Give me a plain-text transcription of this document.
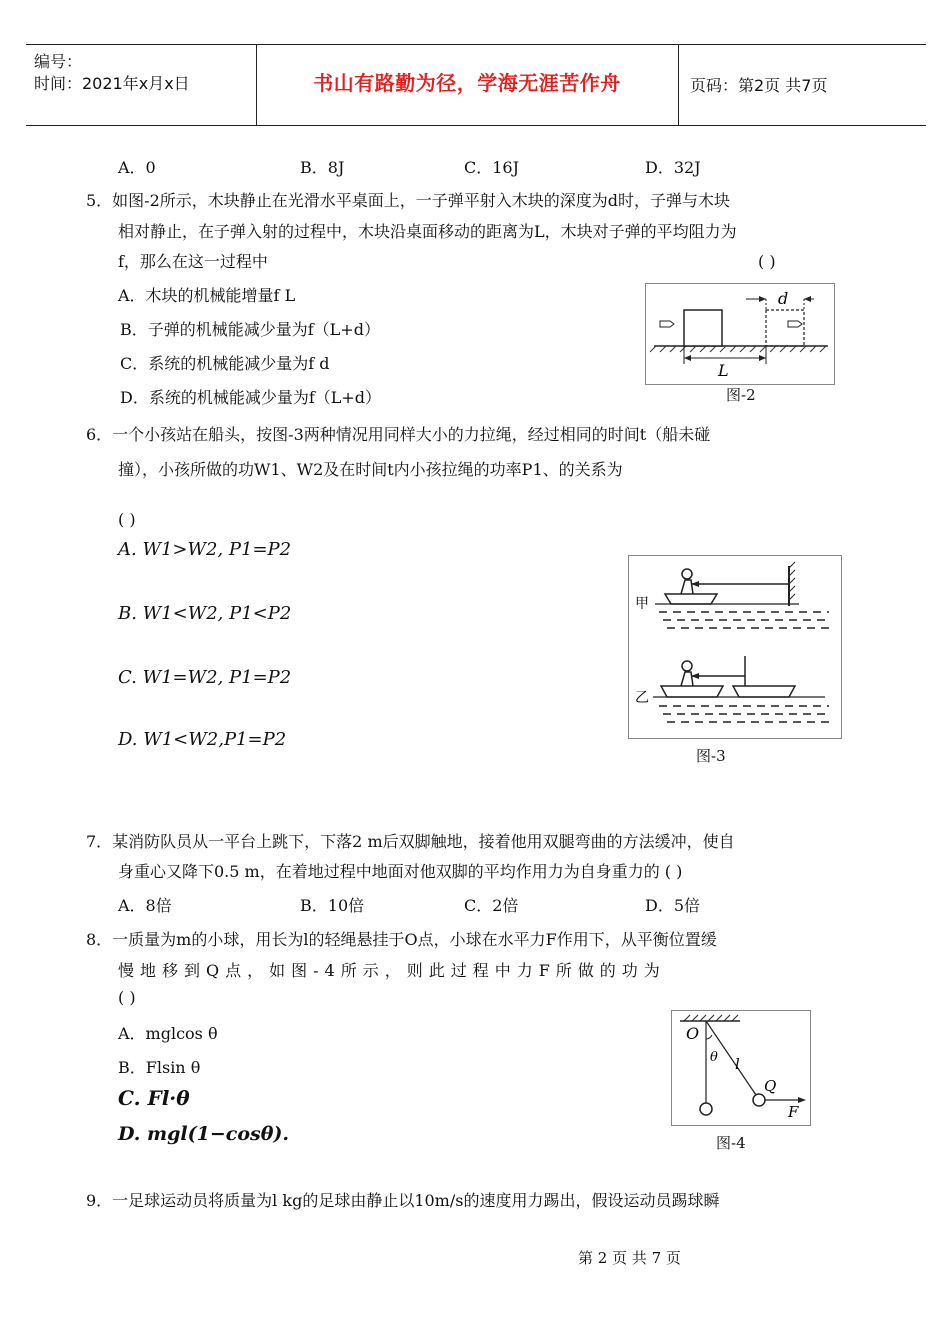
编号：
时间：2021年x月x日	书山有路勤为径，学海无涯苦作舟	页码：第2页 共7页
A．0	B．8J	C．16J	D．32J
5．如图-2所示，木块静止在光滑水平桌面上，一子弹平射入木块的深度为d时，子弹与木块
相对静止，在子弹入射的过程中，木块沿桌面移动的距离为L，木块对子弹的平均阻力为
f，那么在这一过程中	( )
A．木块的机械能增量f L
B．子弹的机械能减少量为f（L+d）
C．系统的机械能减少量为f d
D．系统的机械能减少量为f（L+d）
d
L
图-2
6．一个小孩站在船头，按图-3两种情况用同样大小的力拉绳，经过相同的时间t（船未碰
撞），小孩所做的功W1、W2及在时间t内小孩拉绳的功率P1、的关系为
( )
A. W1>W2, P1=P2
B. W1<W2, P1<P2
C. W1=W2, P1=P2
D. W1<W2,P1=P2
甲
乙
图-3
7．某消防队员从一平台上跳下，下落2 m后双脚触地，接着他用双腿弯曲的方法缓冲，使自
身重心又降下0.5 m，在着地过程中地面对他双脚的平均作用力为自身重力的 ( )
A．8倍	B．10倍	C．2倍	D．5倍
8．一质量为m的小球，用长为l的轻绳悬挂于O点，小球在水平力F作用下，从平衡位置缓
慢地移到Q点，如图-4所示，则此过程中力F所做的功为
( )
A．mglcos θ
B．Flsin θ
C. Fl·θ
D. mgl(1−cosθ).
O
θ l
Q
F
图-4
9．一足球运动员将质量为l kg的足球由静止以10m/s的速度用力踢出，假设运动员踢球瞬
第 2 页 共 7 页
